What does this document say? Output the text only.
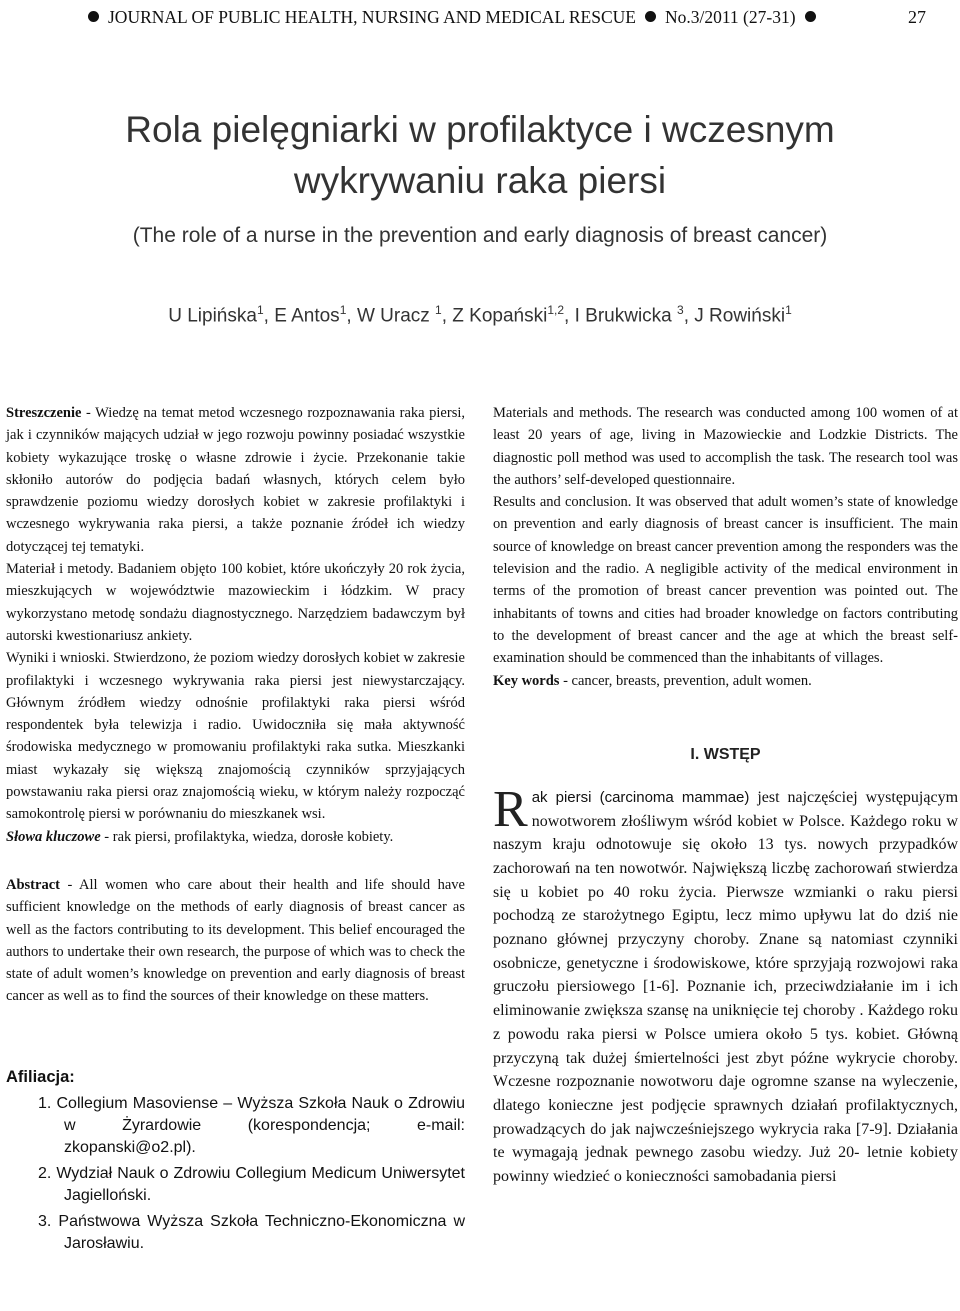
JOURNAL OF PUBLIC HEALTH, NURSING AND MEDICAL RESCUE No.3/2011 (27-31)	27
Rola pielęgniarki w profilaktyce i wczesnym
wykrywaniu raka piersi

(The role of a nurse in the prevention and early diagnosis of breast cancer)

U Lipińska$^1$, E Antos$^1$, W Uracz $^1$, Z Kopański$^{1,2}$, I Brukwicka $^3$, J Rowiński$^1$

Streszczenie - Wiedzę na temat metod wczesnego rozpoznawania raka piersi, jak i czynników mających udział w jego rozwoju powinny posiadać wszystkie kobiety wykazujące troskę o własne zdrowie i życie. Przekonanie takie skłoniło autorów do podjęcia badań własnych, których celem było sprawdzenie poziomu wiedzy dorosłych kobiet w zakresie profilaktyki i wczesnego wykrywania raka piersi, a także poznanie źródeł ich wiedzy dotyczącej tej tematyki.

Materiał i metody. Badaniem objęto 100 kobiet, które ukończyły 20 rok życia, mieszkujących w województwie mazowieckim i łódzkim. W pracy wykorzystano metodę sondażu diagnostycznego. Narzędziem badawczym był autorski kwestionariusz ankiety.

Wyniki i wnioski. Stwierdzono, że poziom wiedzy dorosłych kobiet w zakresie profilaktyki i wczesnego wykrywania raka piersi jest niewystarczający. Głównym źródłem wiedzy odnośnie profilaktyki raka piersi wśród respondentek była telewizja i radio. Uwidoczniła się mała aktywność środowiska medycznego w promowaniu profilaktyki raka sutka. Mieszkanki miast wykazały się większą znajomością czynników sprzyjających powstawaniu raka piersi oraz znajomością wieku, w którym należy rozpocząć samokontrolę piersi w porównaniu do mieszkanek wsi.

Słowa kluczowe - rak piersi, profilaktyka, wiedza, dorosłe kobiety.

Abstract - All women who care about their health and life should have sufficient knowledge on the methods of early diagnosis of breast cancer as well as the factors contributing to its development. This belief encouraged the authors to undertake their own research, the purpose of which was to check the state of adult women’s knowledge on prevention and early diagnosis of breast cancer as well as to find the sources of their knowledge on these matters.

Afiliacja:
1. Collegium Masoviense – Wyższa Szkoła Nauk o Zdrowiu w Żyrardowie (korespondencja; e-mail: zkopanski@o2.pl).
2. Wydział Nauk o Zdrowiu Collegium Medicum Uniwersytet Jagielloński.
3. Państwowa Wyższa Szkoła Techniczno-Ekonomiczna w Jarosławiu.

Materials and methods. The research was conducted among 100 women of at least 20 years of age, living in Mazowieckie and Lodzkie Districts. The diagnostic poll method was used to accomplish the task. The research tool was the authors’ self-developed questionnaire.

Results and conclusion. It was observed that adult women’s state of knowledge on prevention and early diagnosis of breast cancer is insufficient. The main source of knowledge on breast cancer prevention among the responders was the television and the radio. A negligible activity of the medical environment in terms of the promotion of breast cancer prevention was pointed out. The inhabitants of towns and cities had broader knowledge on factors contributing to the development of breast cancer and the age at which the breast self-examination should be commenced than the inhabitants of villages.

Key words - cancer, breasts, prevention, adult women.

I. WSTĘP

Rak piersi (carcinoma mammae) jest najczęściej występującym nowotworem złośliwym wśród kobiet w Polsce. Każdego roku w naszym kraju odnotowuje się około 13 tys. nowych przypadków zachorowań na ten nowotwór. Największą liczbę zachorowań stwierdza się u kobiet po 40 roku życia. Pierwsze wzmianki o raku piersi pochodzą ze starożytnego Egiptu, lecz mimo upływu lat do dziś nie poznano głównej przyczyny choroby. Znane są natomiast czynniki osobnicze, genetyczne i środowiskowe, które sprzyjają rozwojowi raka gruczołu piersiowego [1-6]. Poznanie ich, przeciwdziałanie im i ich eliminowanie zwiększa szansę na uniknięcie tej choroby . Każdego roku z powodu raka piersi w Polsce umiera około 5 tys. kobiet. Główną przyczyną tak dużej śmiertelności jest zbyt późne wykrycie choroby. Wczesne rozpoznanie nowotworu daje ogromne szanse na wyleczenie, dlatego konieczne jest podjęcie sprawnych działań profilaktycznych, prowadzących do jak najwcześniejszego wykrycia raka [7-9]. Działania te wymagają jednak pewnego zasobu wiedzy. Już 20- letnie kobiety powinny wiedzieć o konieczności samobadania piersi
